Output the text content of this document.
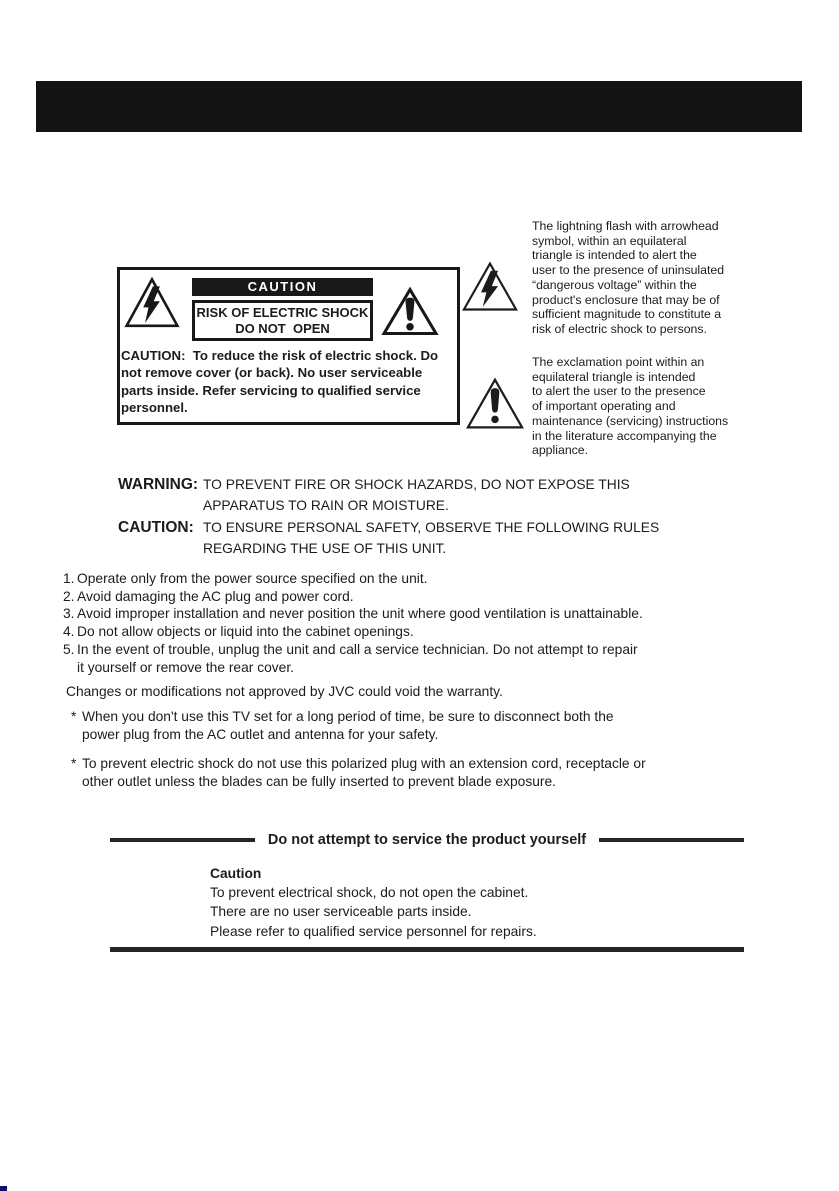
CAUTION
RISK OF ELECTRIC SHOCK
DO NOT  OPEN
CAUTION:  To reduce the risk of electric shock. Do
not remove cover (or back). No user serviceable
parts inside. Refer servicing to qualified service
personnel.
The lightning flash with arrowhead
symbol, within an equilateral
triangle is intended to alert the
user to the presence of uninsulated
“dangerous voltage” within the
product's enclosure that may be of
sufficient magnitude to constitute a
risk of electric shock to persons.
The exclamation point within an
equilateral triangle is intended
to alert the user to the presence
of important operating and
maintenance (servicing) instructions
in the literature accompanying the
appliance.
WARNING: TO PREVENT FIRE OR SHOCK HAZARDS, DO NOT EXPOSE THIS
APPARATUS TO RAIN OR MOISTURE.
CAUTION: TO ENSURE PERSONAL SAFETY, OBSERVE THE FOLLOWING RULES
REGARDING THE USE OF THIS UNIT.
1. Operate only from the power source specified on the unit.
2. Avoid damaging the AC plug and power cord.
3. Avoid improper installation and never position the unit where good ventilation is unattainable.
4. Do not allow objects or liquid into the cabinet openings.
5. In the event of trouble, unplug the unit and call a service technician. Do not attempt to repair
it yourself or remove the rear cover.
Changes or modifications not approved by JVC could void the warranty.
* When you don't use this TV set for a long period of time, be sure to disconnect both the
power plug from the AC outlet and antenna for your safety.
* To prevent electric shock do not use this polarized plug with an extension cord, receptacle or
other outlet unless the blades can be fully inserted to prevent blade exposure.
Do not attempt to service the product yourself
Caution
To prevent electrical shock, do not open the cabinet.
There are no user serviceable parts inside.
Please refer to qualified service personnel for repairs.
